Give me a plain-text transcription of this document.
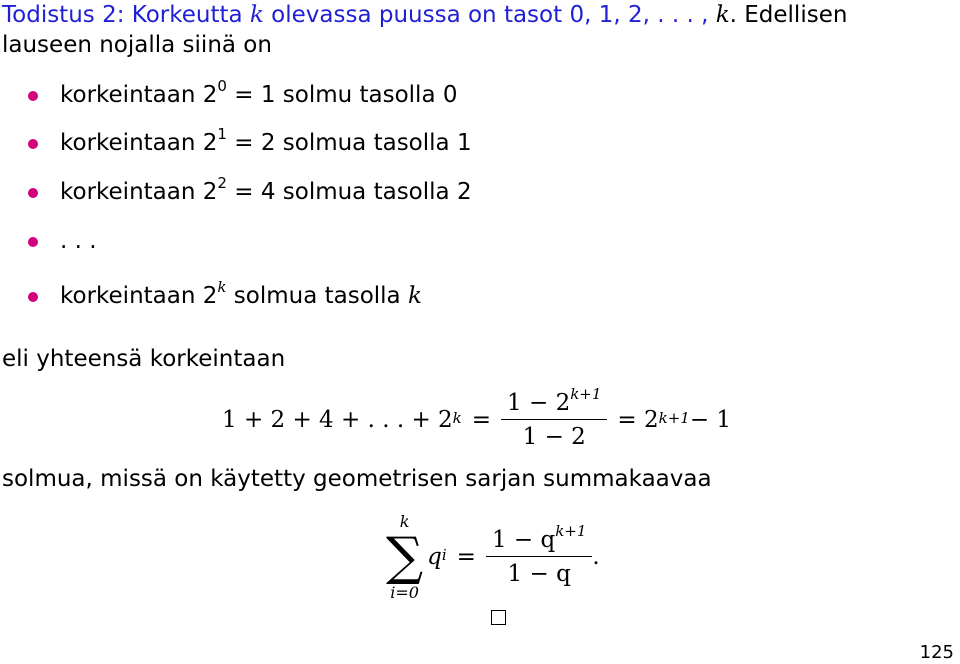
Todistus 2: Korkeutta k olevassa puussa on tasot 0, 1, 2, . . . , k. Edellisen
lauseen nojalla siinä on
korkeintaan $2^0 = 1$ solmu tasolla 0
korkeintaan $2^1 = 2$ solmua tasolla 1
korkeintaan $2^2 = 4$ solmua tasolla 2
. . .
korkeintaan 2$^k$ solmua tasolla k
eli yhteensä korkeintaan
1 + 2 + 4 + . . . + $2^k = \frac{1 - 2^{k+1}}{1 - 2} = 2^{k+1} - 1$
solmua, missä on käytetty geometrisen sarjan summakaavaa
k
∑
i=0
$q^i = \frac{1 - q^{k+1}}{1 - q}$ .
125
